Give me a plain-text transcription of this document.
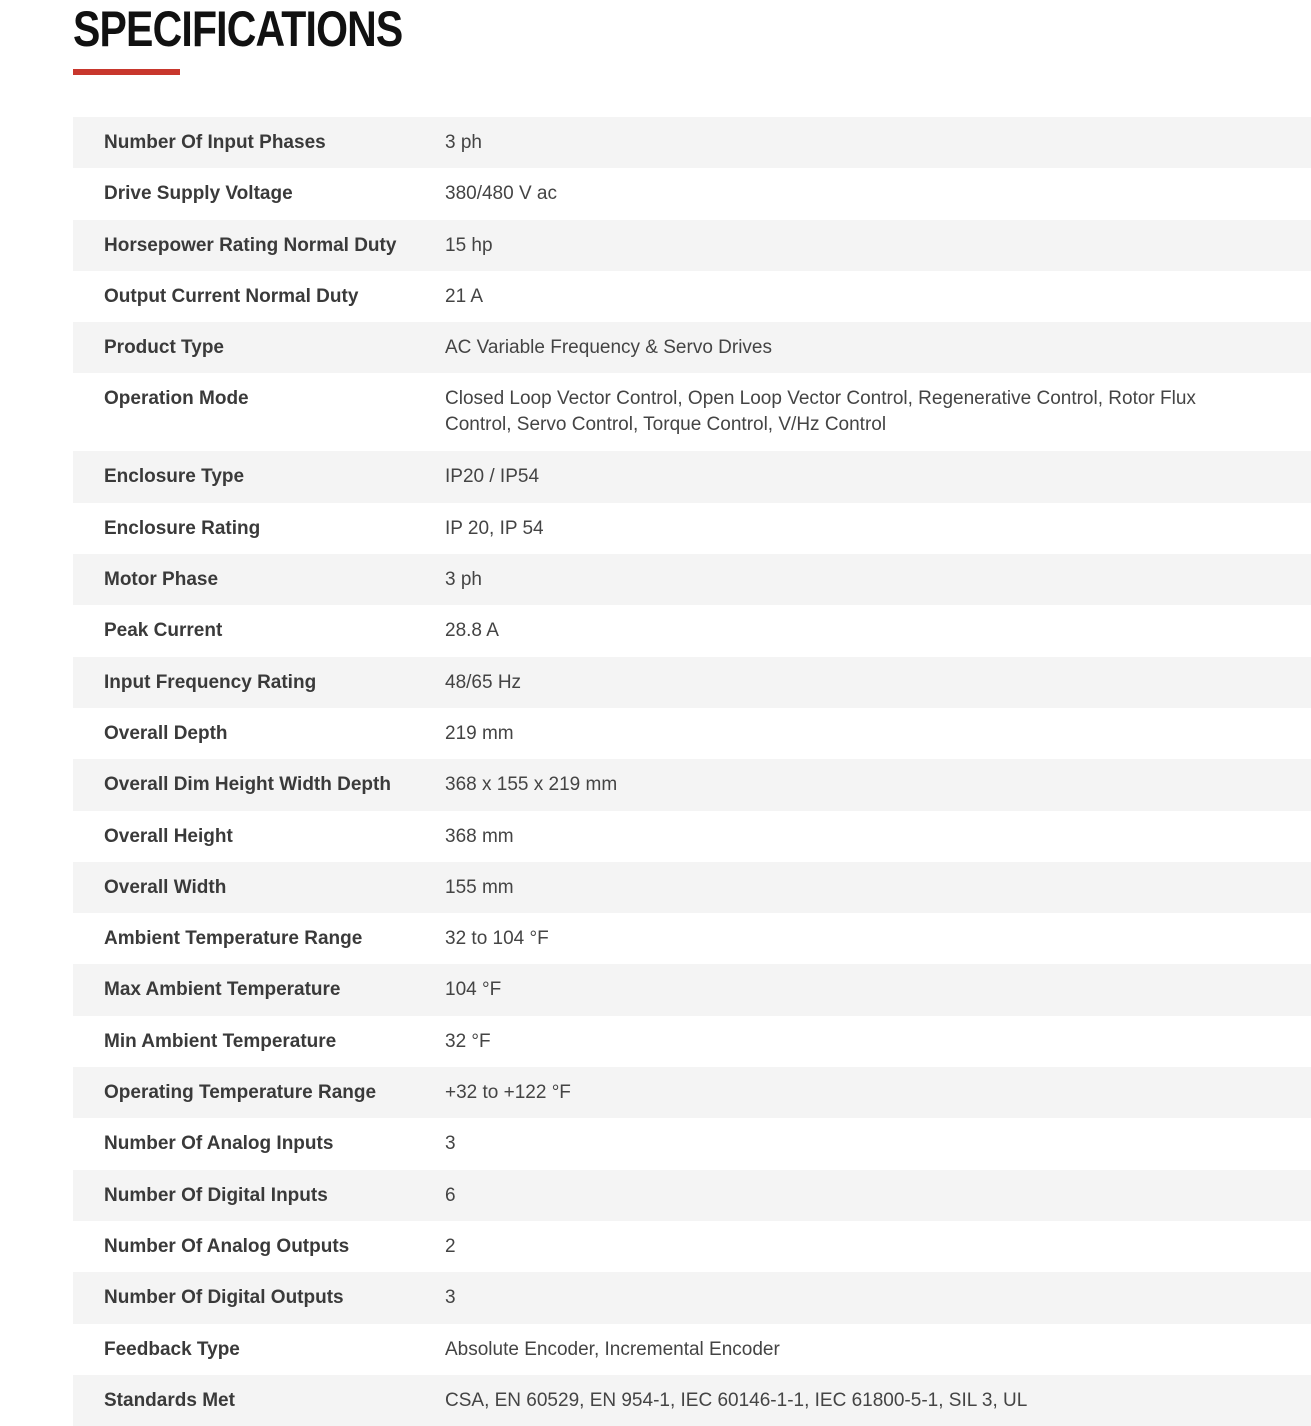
SPECIFICATIONS
Number Of Input Phases	3 ph
Drive Supply Voltage	380/480 V ac
Horsepower Rating Normal Duty	15 hp
Output Current Normal Duty	21 A
Product Type	AC Variable Frequency & Servo Drives
Operation Mode	Closed Loop Vector Control, Open Loop Vector Control, Regenerative Control, Rotor Flux Control, Servo Control, Torque Control, V/Hz Control
Enclosure Type	IP20 / IP54
Enclosure Rating	IP 20, IP 54
Motor Phase	3 ph
Peak Current	28.8 A
Input Frequency Rating	48/65 Hz
Overall Depth	219 mm
Overall Dim Height Width Depth	368 x 155 x 219 mm
Overall Height	368 mm
Overall Width	155 mm
Ambient Temperature Range	32 to 104 °F
Max Ambient Temperature	104 °F
Min Ambient Temperature	32 °F
Operating Temperature Range	+32 to +122 °F
Number Of Analog Inputs	3
Number Of Digital Inputs	6
Number Of Analog Outputs	2
Number Of Digital Outputs	3
Feedback Type	Absolute Encoder, Incremental Encoder
Standards Met	CSA, EN 60529, EN 954-1, IEC 60146-1-1, IEC 61800-5-1, SIL 3, UL
